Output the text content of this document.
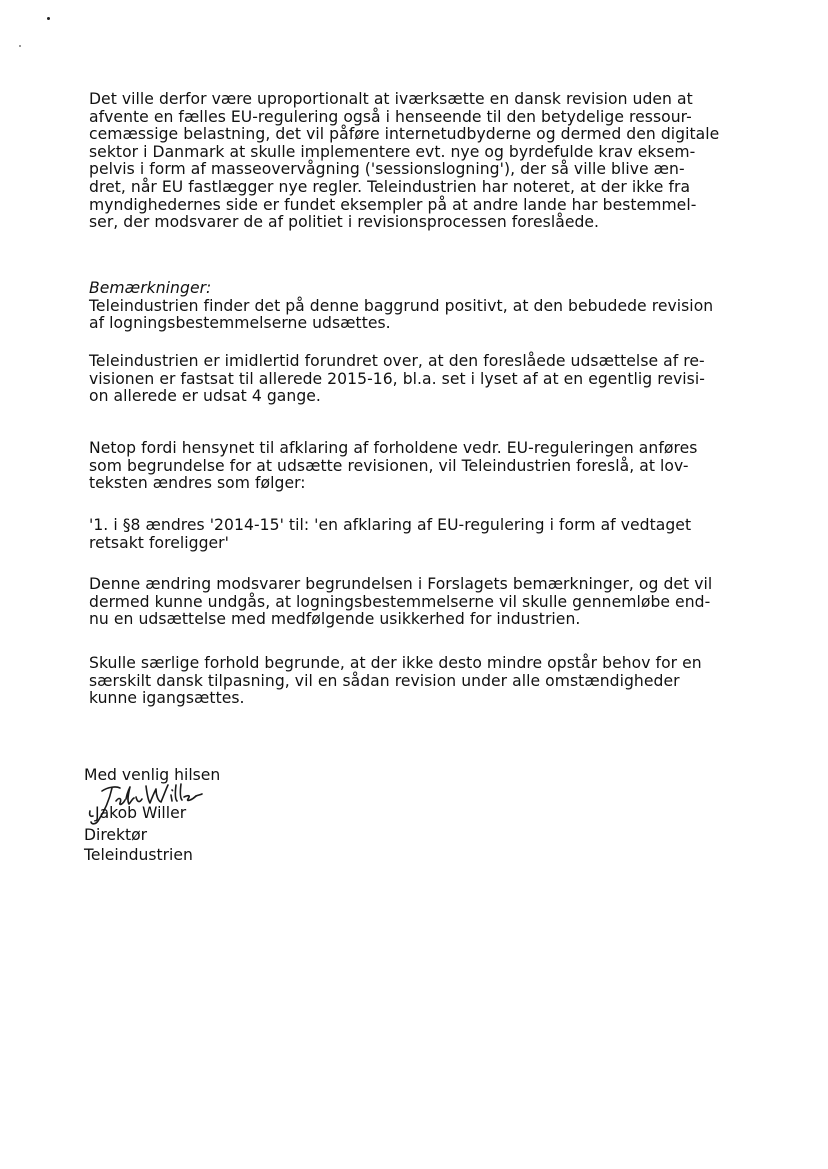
Det ville derfor være uproportionalt at iværksætte en dansk revision uden at
afvente en fælles EU-regulering også i henseende til den betydelige ressour-
cemæssige belastning, det vil påføre internetudbyderne og dermed den digitale
sektor i Danmark at skulle implementere evt. nye og byrdefulde krav eksem-
pelvis i form af masseovervågning ('sessionslogning'), der så ville blive æn-
dret, når EU fastlægger nye regler. Teleindustrien har noteret, at der ikke fra
myndighedernes side er fundet eksempler på at andre lande har bestemmel-
ser, der modsvarer de af politiet i revisionsprocessen foreslåede.
Bemærkninger:
Teleindustrien finder det på denne baggrund positivt, at den bebudede revision
af logningsbestemmelserne udsættes.
Teleindustrien er imidlertid forundret over, at den foreslåede udsættelse af re-
visionen er fastsat til allerede 2015-16, bl.a. set i lyset af at en egentlig revisi-
on allerede er udsat 4 gange.
Netop fordi hensynet til afklaring af forholdene vedr. EU-reguleringen anføres
som begrundelse for at udsætte revisionen, vil Teleindustrien foreslå, at lov-
teksten ændres som følger:
'1. i §8 ændres '2014-15' til: 'en afklaring af EU-regulering i form af vedtaget
retsakt foreligger'
Denne ændring modsvarer begrundelsen i Forslagets bemærkninger, og det vil
dermed kunne undgås, at logningsbestemmelserne vil skulle gennemløbe end-
nu en udsættelse med medfølgende usikkerhed for industrien.
Skulle særlige forhold begrunde, at der ikke desto mindre opstår behov for en
særskilt dansk tilpasning, vil en sådan revision under alle omstændigheder
kunne igangsættes.
Med venlig hilsen
Jakob Willer
Direktør
Teleindustrien
